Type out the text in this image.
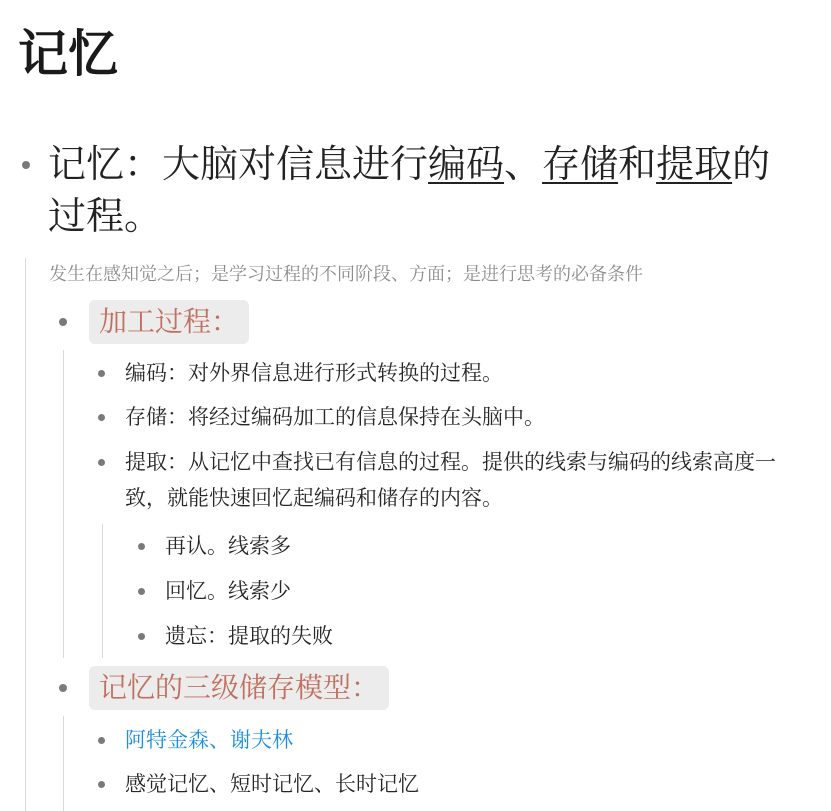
记忆

记忆：大脑对信息进行编码、存储和提取的过程。

发生在感知觉之后；是学习过程的不同阶段、方面；是进行思考的必备条件
加工过程：
编码：对外界信息进行形式转换的过程。
存储：将经过编码加工的信息保持在头脑中。
提取：从记忆中查找已有信息的过程。提供的线索与编码的线索高度一致，就能快速回忆起编码和储存的内容。
再认。线索多
回忆。线索少
遗忘：提取的失败
记忆的三级储存模型：
阿特金森、谢夫林
感觉记忆、短时记忆、长时记忆
